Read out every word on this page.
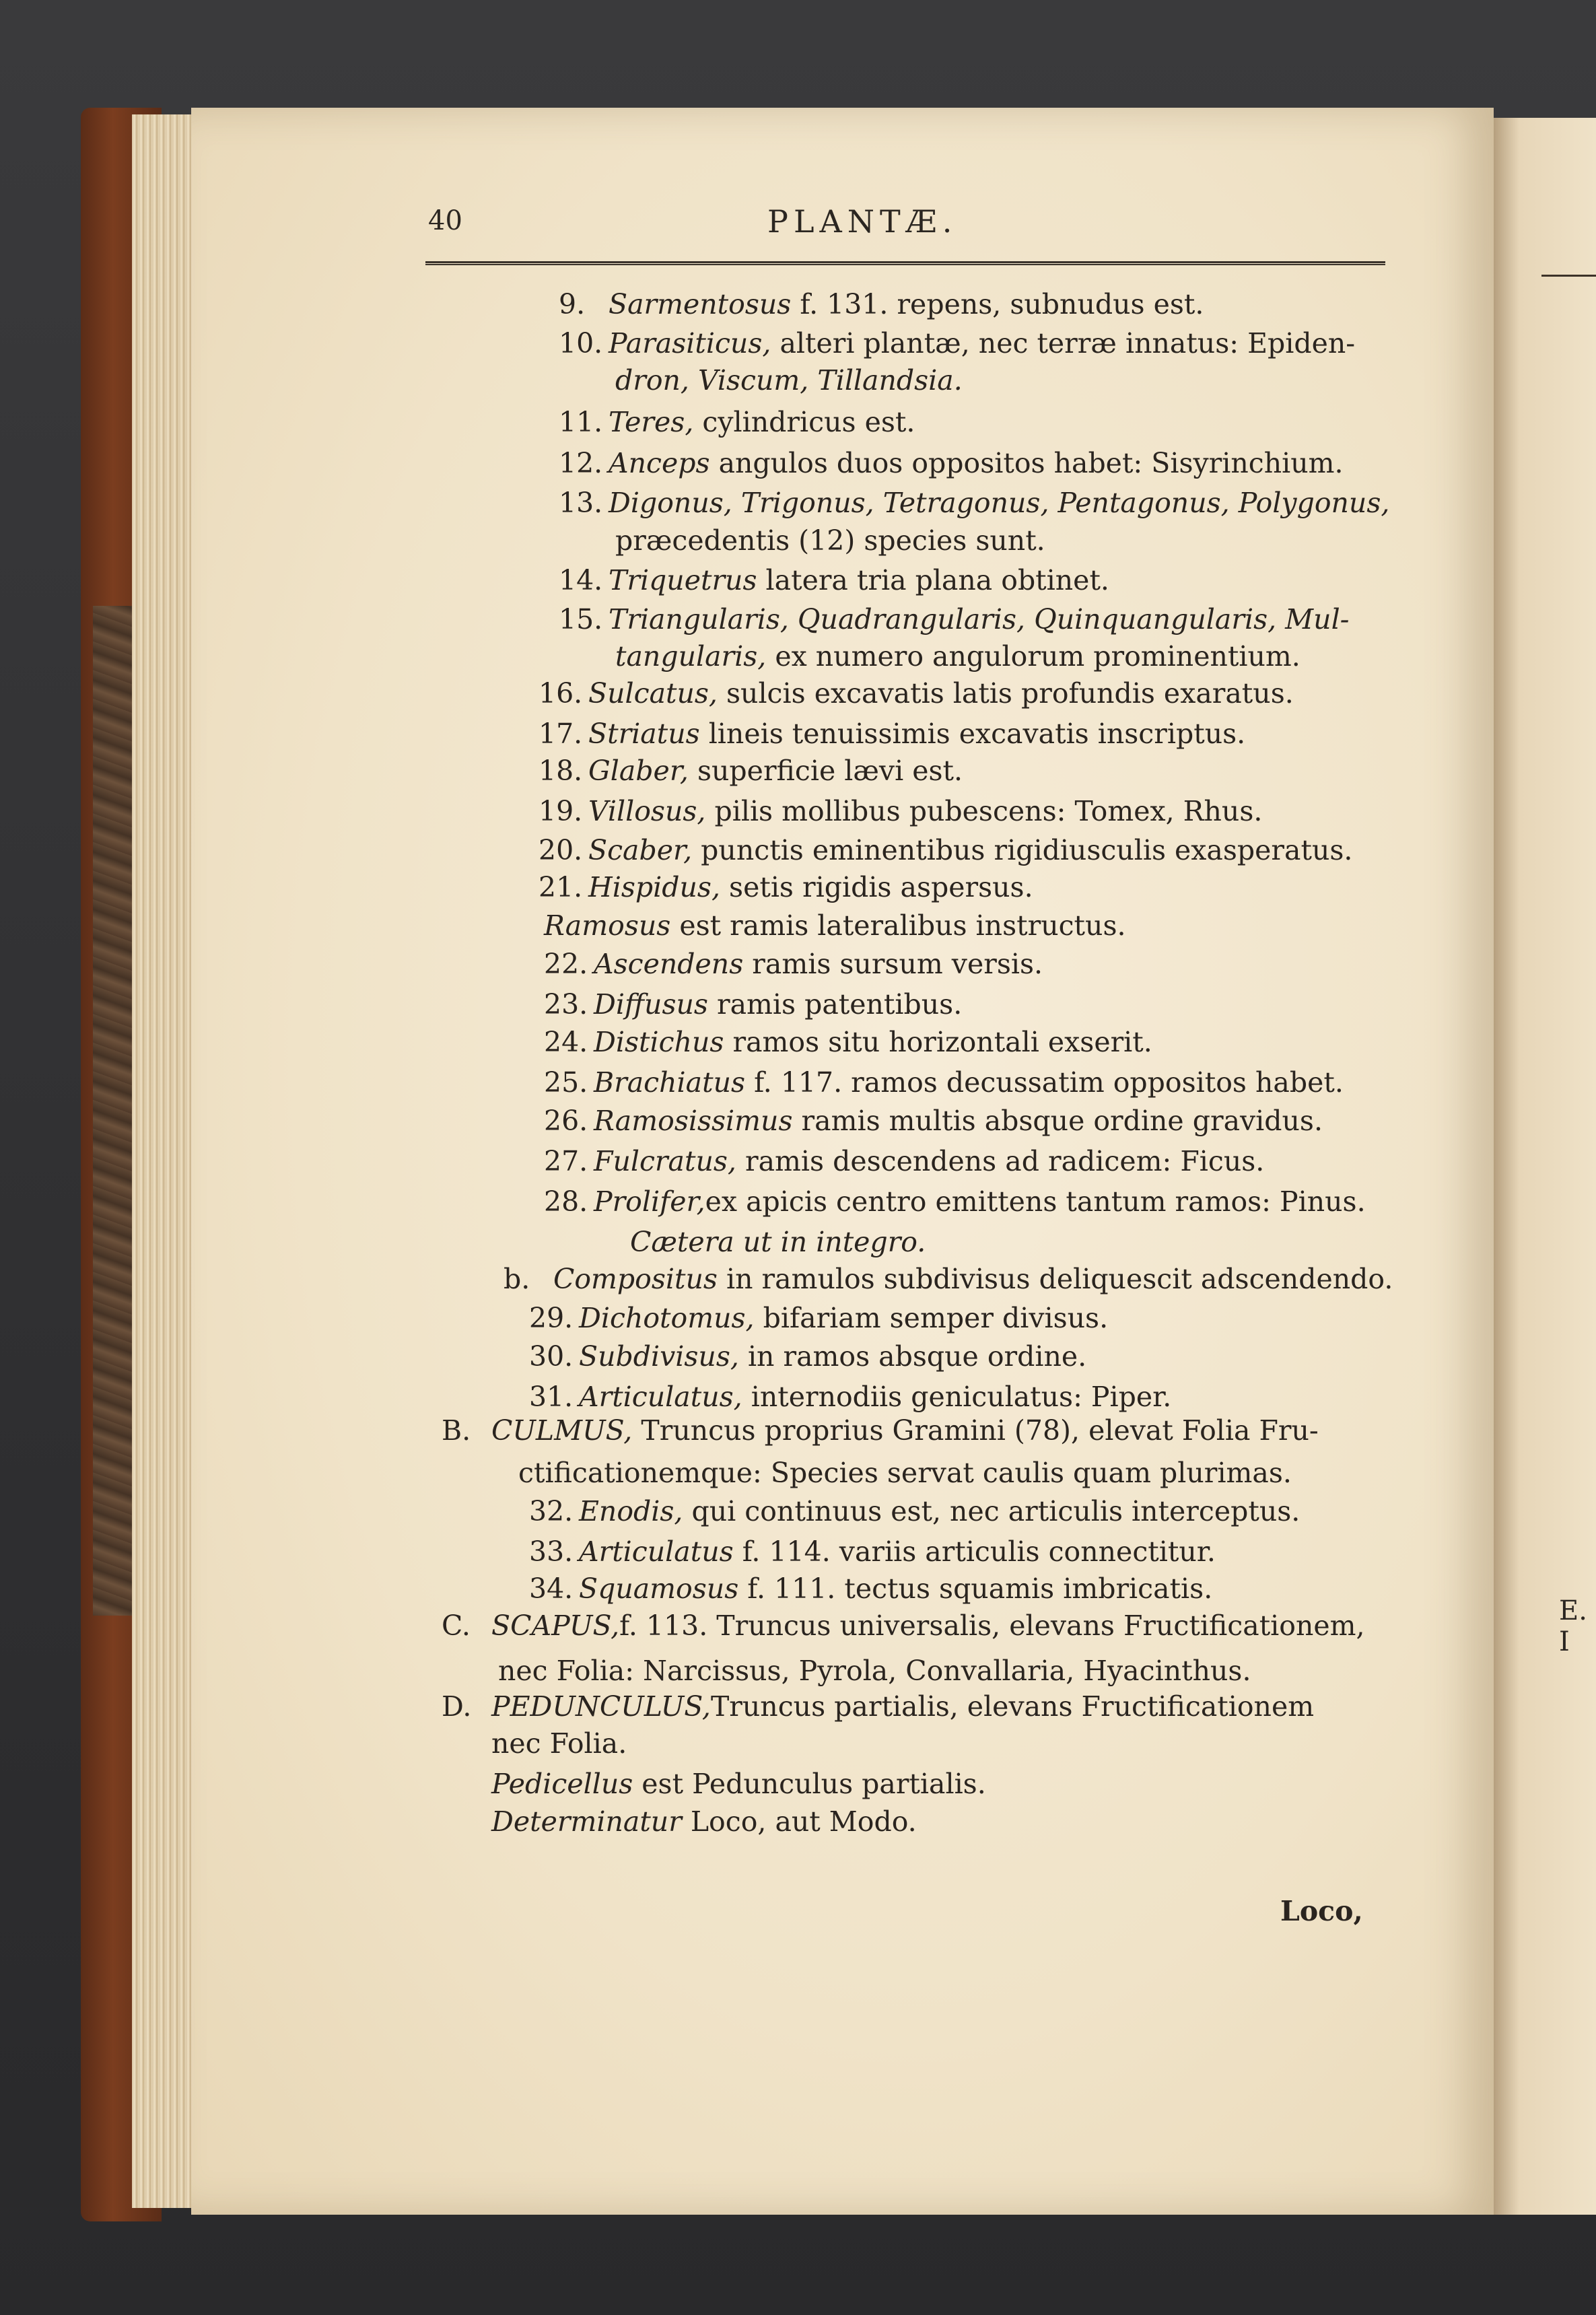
E. I
40	PLANTÆ.
9. Sarmentosus f. 131. repens, subnudus est.
10. Parasiticus, alteri plantæ, nec terræ innatus: Epiden-
dron, Viscum, Tillandsia.
11. Teres, cylindricus est.
12. Anceps angulos duos oppositos habet: Sisyrinchium.
13. Digonus, Trigonus, Tetragonus, Pentagonus, Polygonus,
præcedentis (12) species sunt.
14. Triquetrus latera tria plana obtinet.
15. Triangularis, Quadrangularis, Quinquangularis, Mul-
tangularis, ex numero angulorum prominentium.
16. Sulcatus, sulcis excavatis latis profundis exaratus.
17. Striatus lineis tenuissimis excavatis inscriptus.
18. Glaber, superficie lævi est.
19. Villosus, pilis mollibus pubescens: Tomex, Rhus.
20. Scaber, punctis eminentibus rigidiusculis exasperatus.
21. Hispidus, setis rigidis aspersus.
Ramosus est ramis lateralibus instructus.
22. Ascendens ramis sursum versis.
23. Diffusus ramis patentibus.
24. Distichus ramos situ horizontali exserit.
25. Brachiatus f. 117. ramos decussatim oppositos habet.
26. Ramosissimus ramis multis absque ordine gravidus.
27. Fulcratus, ramis descendens ad radicem: Ficus.
28. Prolifer,ex apicis centro emittens tantum ramos: Pinus.
Cætera ut in integro.
b. Compositus in ramulos subdivisus deliquescit adscendendo.
29. Dichotomus, bifariam semper divisus.
30. Subdivisus, in ramos absque ordine.
31. Articulatus, internodiis geniculatus: Piper.
B. CULMUS, Truncus proprius Gramini (78), elevat Folia Fru-
ctificationemque: Species servat caulis quam plurimas.
32. Enodis, qui continuus est, nec articulis interceptus.
33. Articulatus f. 114. variis articulis connectitur.
34. Squamosus f. 111. tectus squamis imbricatis.
C. SCAPUS,f. 113. Truncus universalis, elevans Fructificationem,
nec Folia: Narcissus, Pyrola, Convallaria, Hyacinthus.
D. PEDUNCULUS,Truncus partialis, elevans Fructificationem
nec Folia.
Pedicellus est Pedunculus partialis.
Determinatur Loco, aut Modo.
Loco,
